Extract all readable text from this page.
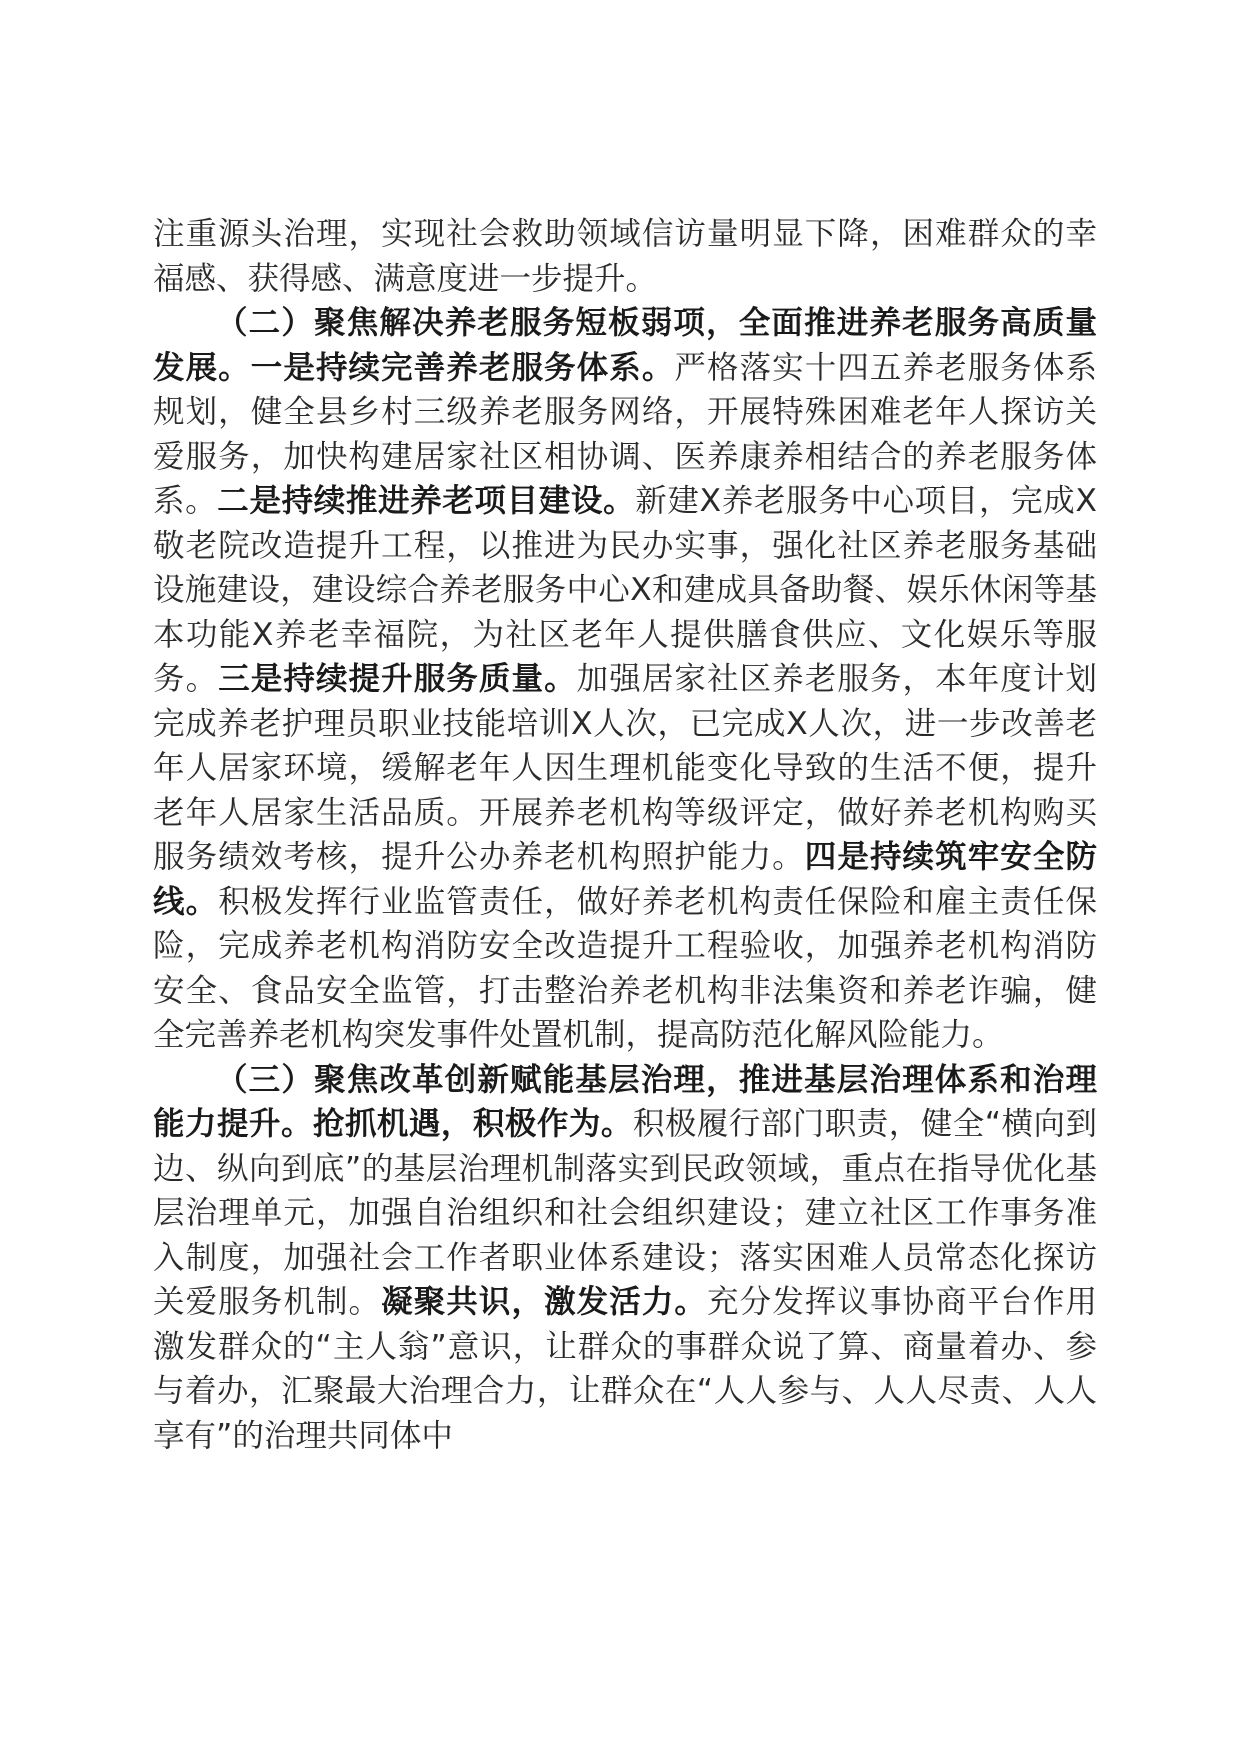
注重源头治理，实现社会救助领域信访量明显下降，困难群众的幸福感、获得感、满意度进一步提升。

（二）聚焦解决养老服务短板弱项，全面推进养老服务高质量发展。一是持续完善养老服务体系。严格落实十四五养老服务体系规划，健全县乡村三级养老服务网络，开展特殊困难老年人探访关爱服务，加快构建居家社区相协调、医养康养相结合的养老服务体系。二是持续推进养老项目建设。新建X养老服务中心项目，完成X敬老院改造提升工程，以推进为民办实事，强化社区养老服务基础设施建设，建设综合养老服务中心X和建成具备助餐、娱乐休闲等基本功能X养老幸福院，为社区老年人提供膳食供应、文化娱乐等服务。三是持续提升服务质量。加强居家社区养老服务，本年度计划完成养老护理员职业技能培训X人次，已完成X人次，进一步改善老年人居家环境，缓解老年人因生理机能变化导致的生活不便，提升老年人居家生活品质。开展养老机构等级评定，做好养老机构购买服务绩效考核，提升公办养老机构照护能力。四是持续筑牢安全防线。积极发挥行业监管责任，做好养老机构责任保险和雇主责任保险，完成养老机构消防安全改造提升工程验收，加强养老机构消防安全、食品安全监管，打击整治养老机构非法集资和养老诈骗，健全完善养老机构突发事件处置机制，提高防范化解风险能力。

（三）聚焦改革创新赋能基层治理，推进基层治理体系和治理能力提升。抢抓机遇，积极作为。积极履行部门职责，健全“横向到边、纵向到底”的基层治理机制落实到民政领域，重点在指导优化基层治理单元，加强自治组织和社会组织建设；建立社区工作事务准入制度，加强社会工作者职业体系建设；落实困难人员常态化探访关爱服务机制。凝聚共识，激发活力。充分发挥议事协商平台作用激发群众的“主人翁”意识，让群众的事群众说了算、商量着办、参与着办，汇聚最大治理合力，让群众在“人人参与、人人尽责、人人享有”的治理共同体中
